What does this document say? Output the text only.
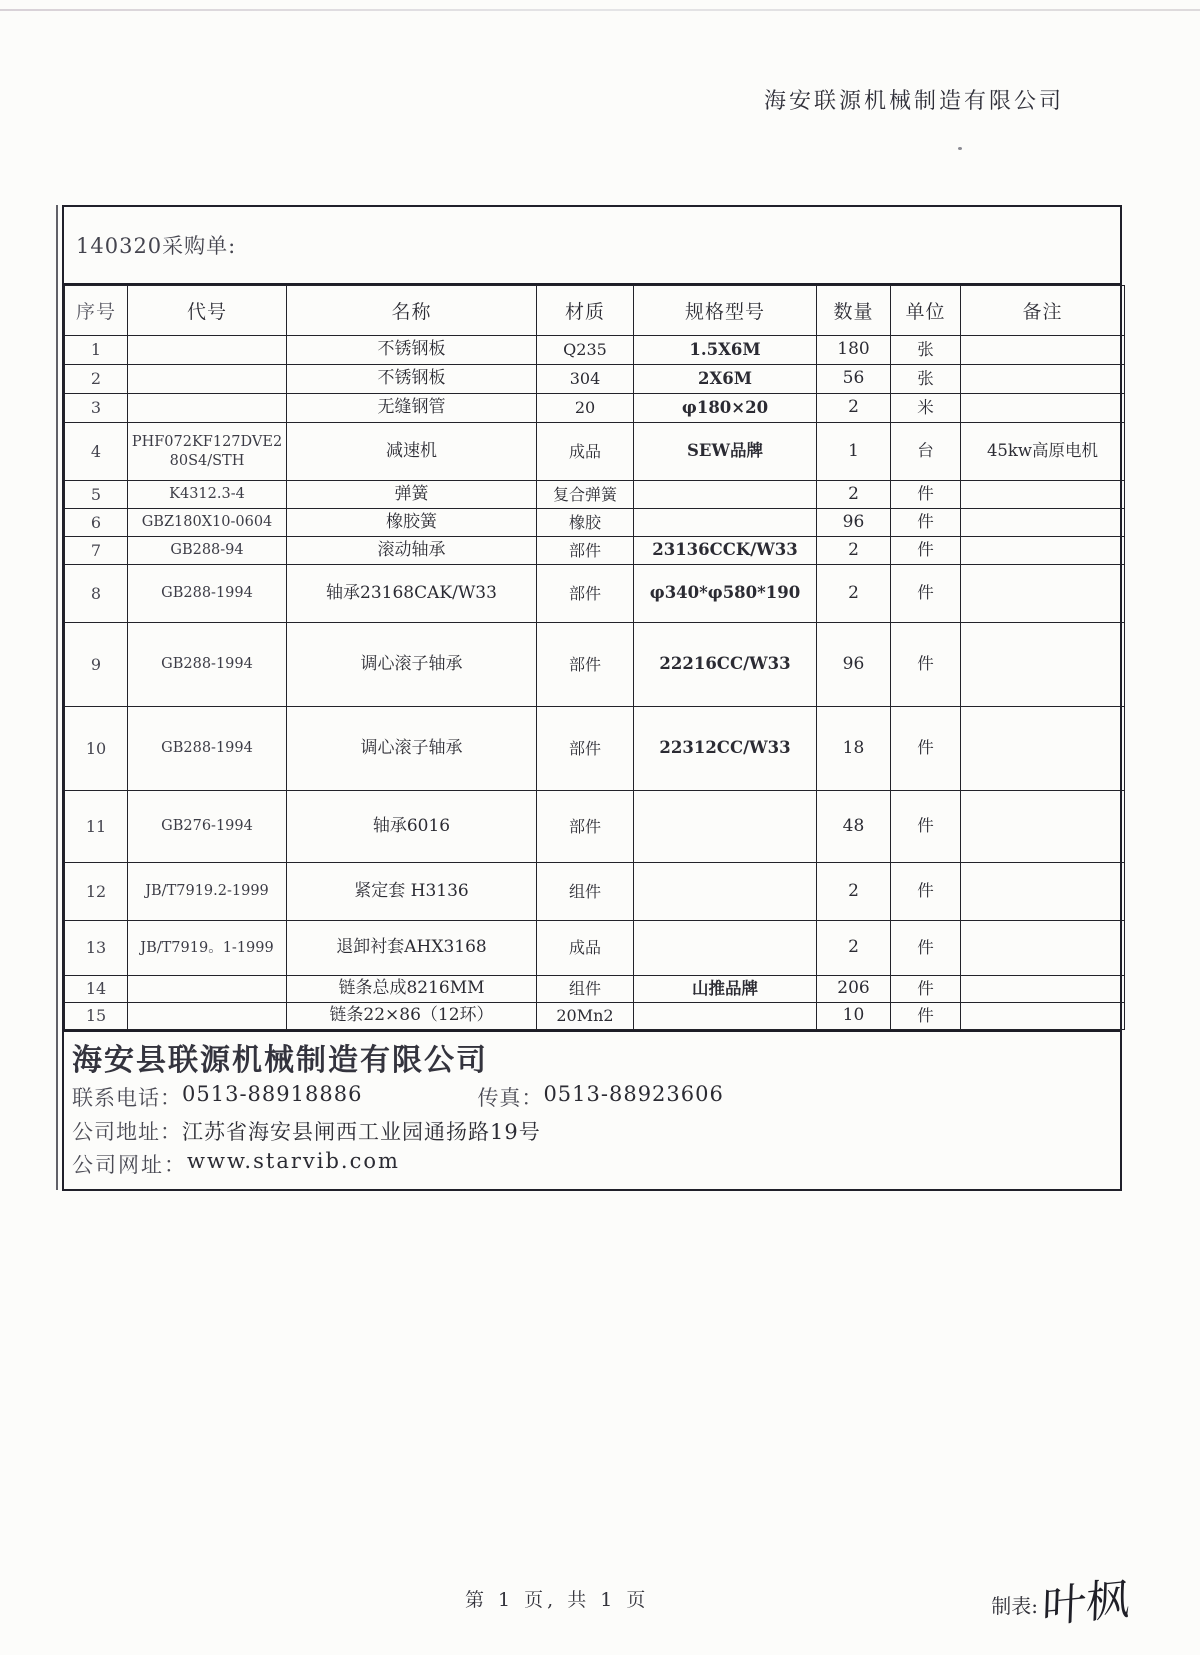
海安联源机械制造有限公司
140320采购单:
序号	代号	名称	材质	规格型号	数量	单位	备注
1		不锈钢板	Q235	1.5X6M	180	张	
2		不锈钢板	304	2X6M	56	张	
3		无缝钢管	20	φ180×20	2	米	
4	PHF072KF127DVE280S4/STH	减速机	成品	SEW品牌	1	台	45kw高原电机
5	K4312.3-4	弹簧	复合弹簧		2	件	
6	GBZ180X10-0604	橡胶簧	橡胶		96	件	
7	GB288-94	滚动轴承	部件	23136CCK/W33	2	件	
8	GB288-1994	轴承23168CAK/W33	部件	φ340*φ580*190	2	件	
9	GB288-1994	调心滚子轴承	部件	22216CC/W33	96	件	
10	GB288-1994	调心滚子轴承	部件	22312CC/W33	18	件	
11	GB276-1994	轴承6016	部件		48	件	
12	JB/T7919.2-1999	紧定套 H3136	组件		2	件	
13	JB/T7919。1-1999	退卸衬套AHX3168	成品		2	件	
14		链条总成8216MM	组件	山推品牌	206	件	
15		链条22×86（12环）	20Mn2		10	件	
海安县联源机械制造有限公司
联系电话： 0513-88918886	传真： 0513-88923606
公司地址： 江苏省海安县闸西工业园通扬路19号
公司网址： www.starvib.com
第 1 页, 共 1 页	制表: 叶枫
